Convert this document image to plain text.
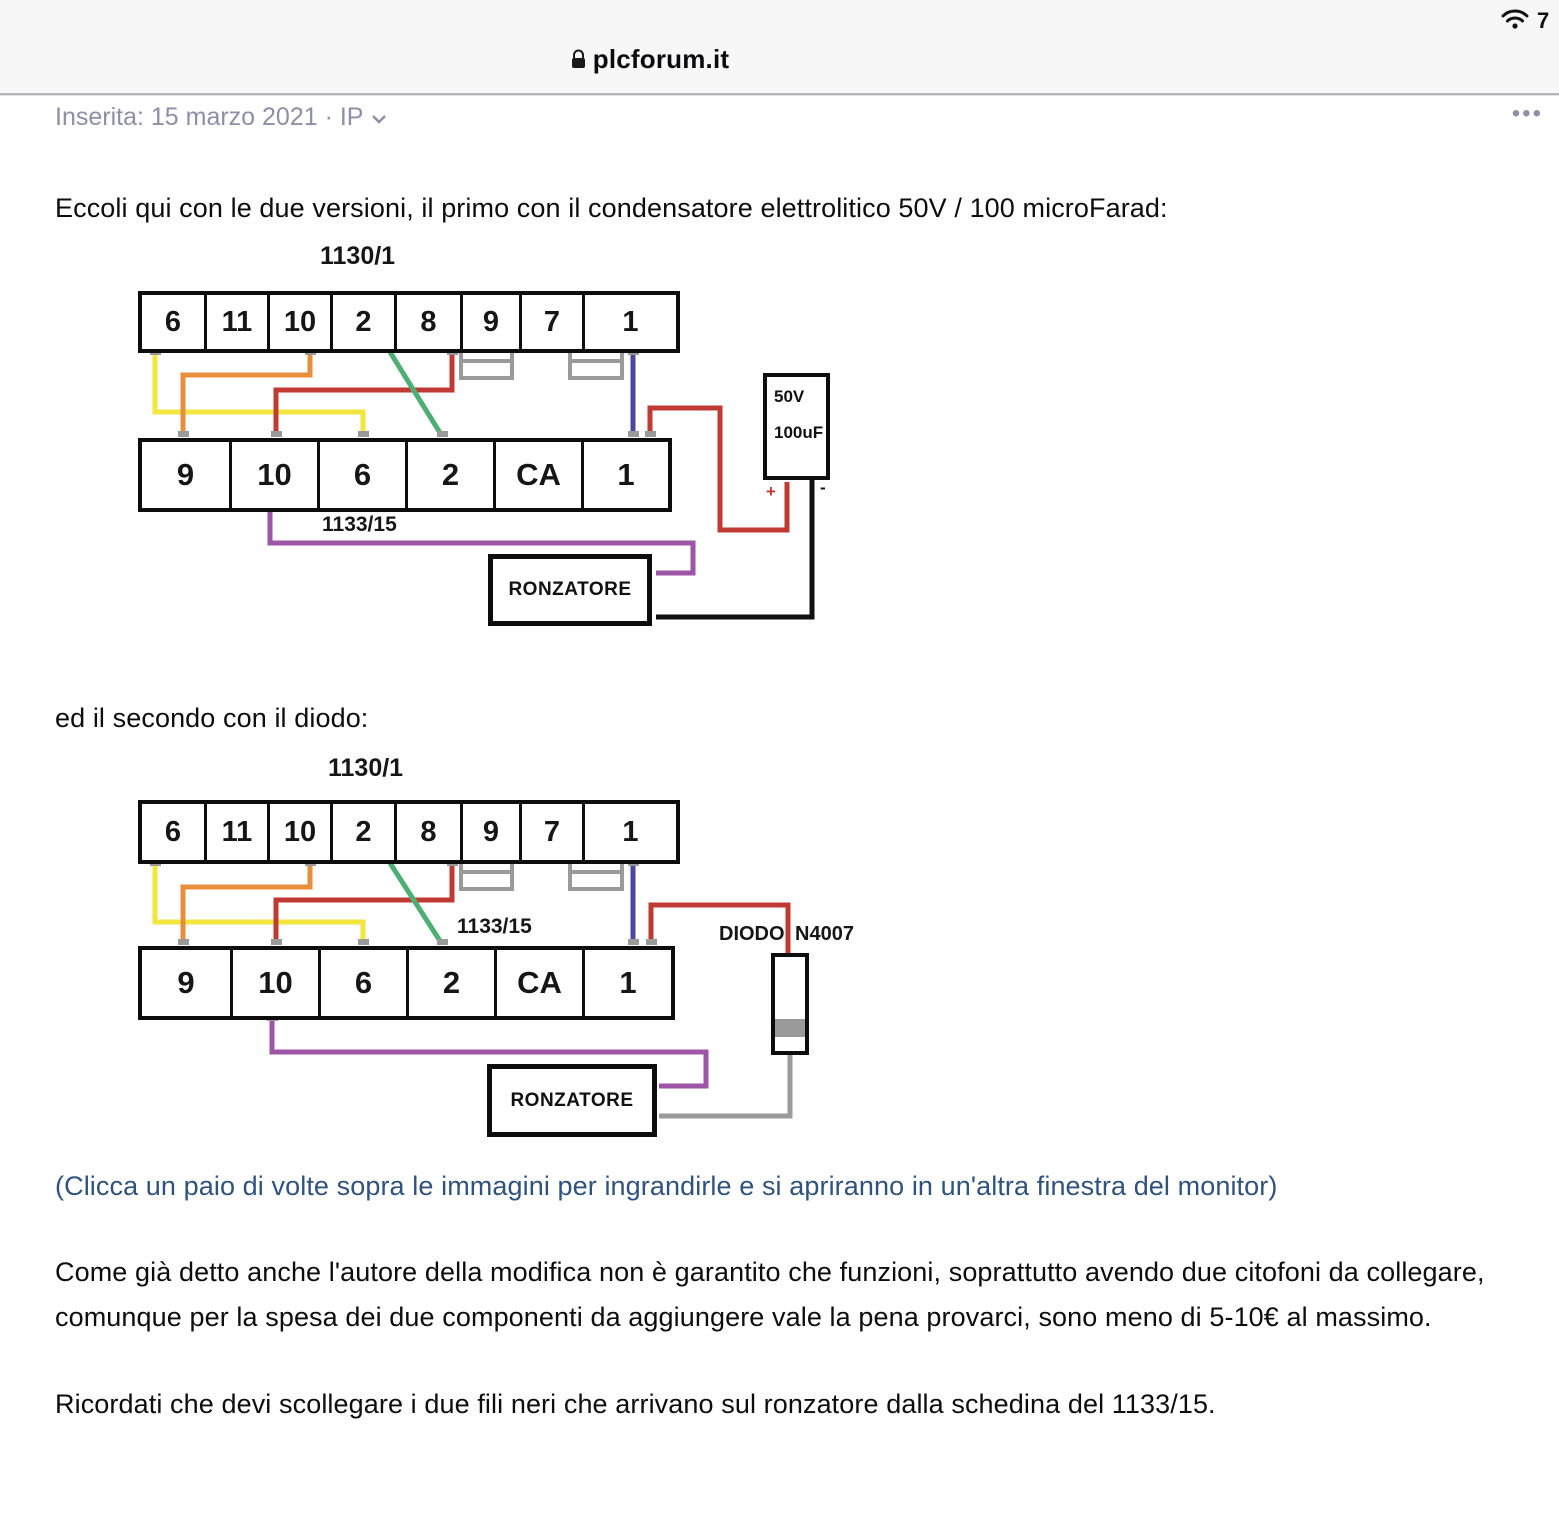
plcforum.it
7
Inserita: 15 marzo 2021 · IP	•••
Eccoli qui con le due versioni, il primo con il condensatore elettrolitico 50V / 100 microFarad:
1130/1
6	11	10	2	8	9	7	1
9	10	6	2	CA	1
1133/15
50V
100uF
+	-
RONZATORE
ed il secondo con il diodo:
1130/1
6	11	10	2	8	9	7	1
1133/15	DIODO N4007
9	10	6	2	CA	1
RONZATORE
(Clicca un paio di volte sopra le immagini per ingrandirle e si apriranno in un'altra finestra del monitor)
Come già detto anche l'autore della modifica non è garantito che funzioni, soprattutto avendo due citofoni da collegare, comunque per la spesa dei due componenti da aggiungere vale la pena provarci, sono meno di 5-10€ al massimo.
Ricordati che devi scollegare i due fili neri che arrivano sul ronzatore dalla schedina del 1133/15.
